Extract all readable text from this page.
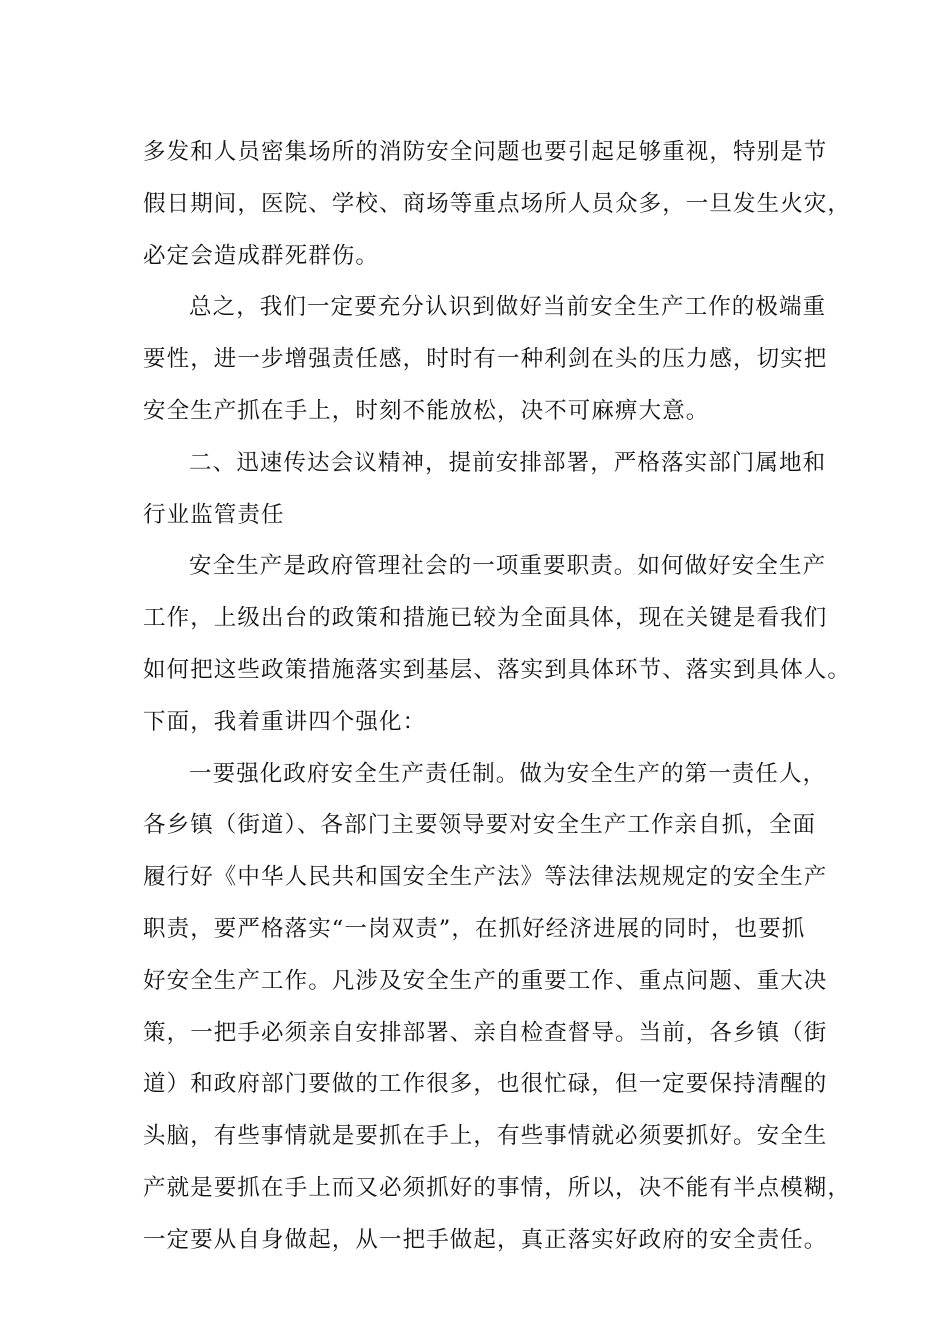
多发和人员密集场所的消防安全问题也要引起足够重视，特别是节
假日期间，医院、学校、商场等重点场所人员众多，一旦发生火灾，
必定会造成群死群伤。
总之，我们一定要充分认识到做好当前安全生产工作的极端重
要性，进一步增强责任感，时时有一种利剑在头的压力感，切实把
安全生产抓在手上，时刻不能放松，决不可麻痹大意。
二、迅速传达会议精神，提前安排部署，严格落实部门属地和
行业监管责任
安全生产是政府管理社会的一项重要职责。如何做好安全生产
工作，上级出台的政策和措施已较为全面具体，现在关键是看我们
如何把这些政策措施落实到基层、落实到具体环节、落实到具体人。
下面，我着重讲四个强化：
一要强化政府安全生产责任制。做为安全生产的第一责任人，
各乡镇（街道）、各部门主要领导要对安全生产工作亲自抓，全面
履行好《中华人民共和国安全生产法》等法律法规规定的安全生产
职责，要严格落实“一岗双责”，在抓好经济进展的同时，也要抓
好安全生产工作。凡涉及安全生产的重要工作、重点问题、重大决
策，一把手必须亲自安排部署、亲自检查督导。当前，各乡镇（街
道）和政府部门要做的工作很多，也很忙碌，但一定要保持清醒的
头脑，有些事情就是要抓在手上，有些事情就必须要抓好。安全生
产就是要抓在手上而又必须抓好的事情，所以，决不能有半点模糊，
一定要从自身做起，从一把手做起，真正落实好政府的安全责任。
